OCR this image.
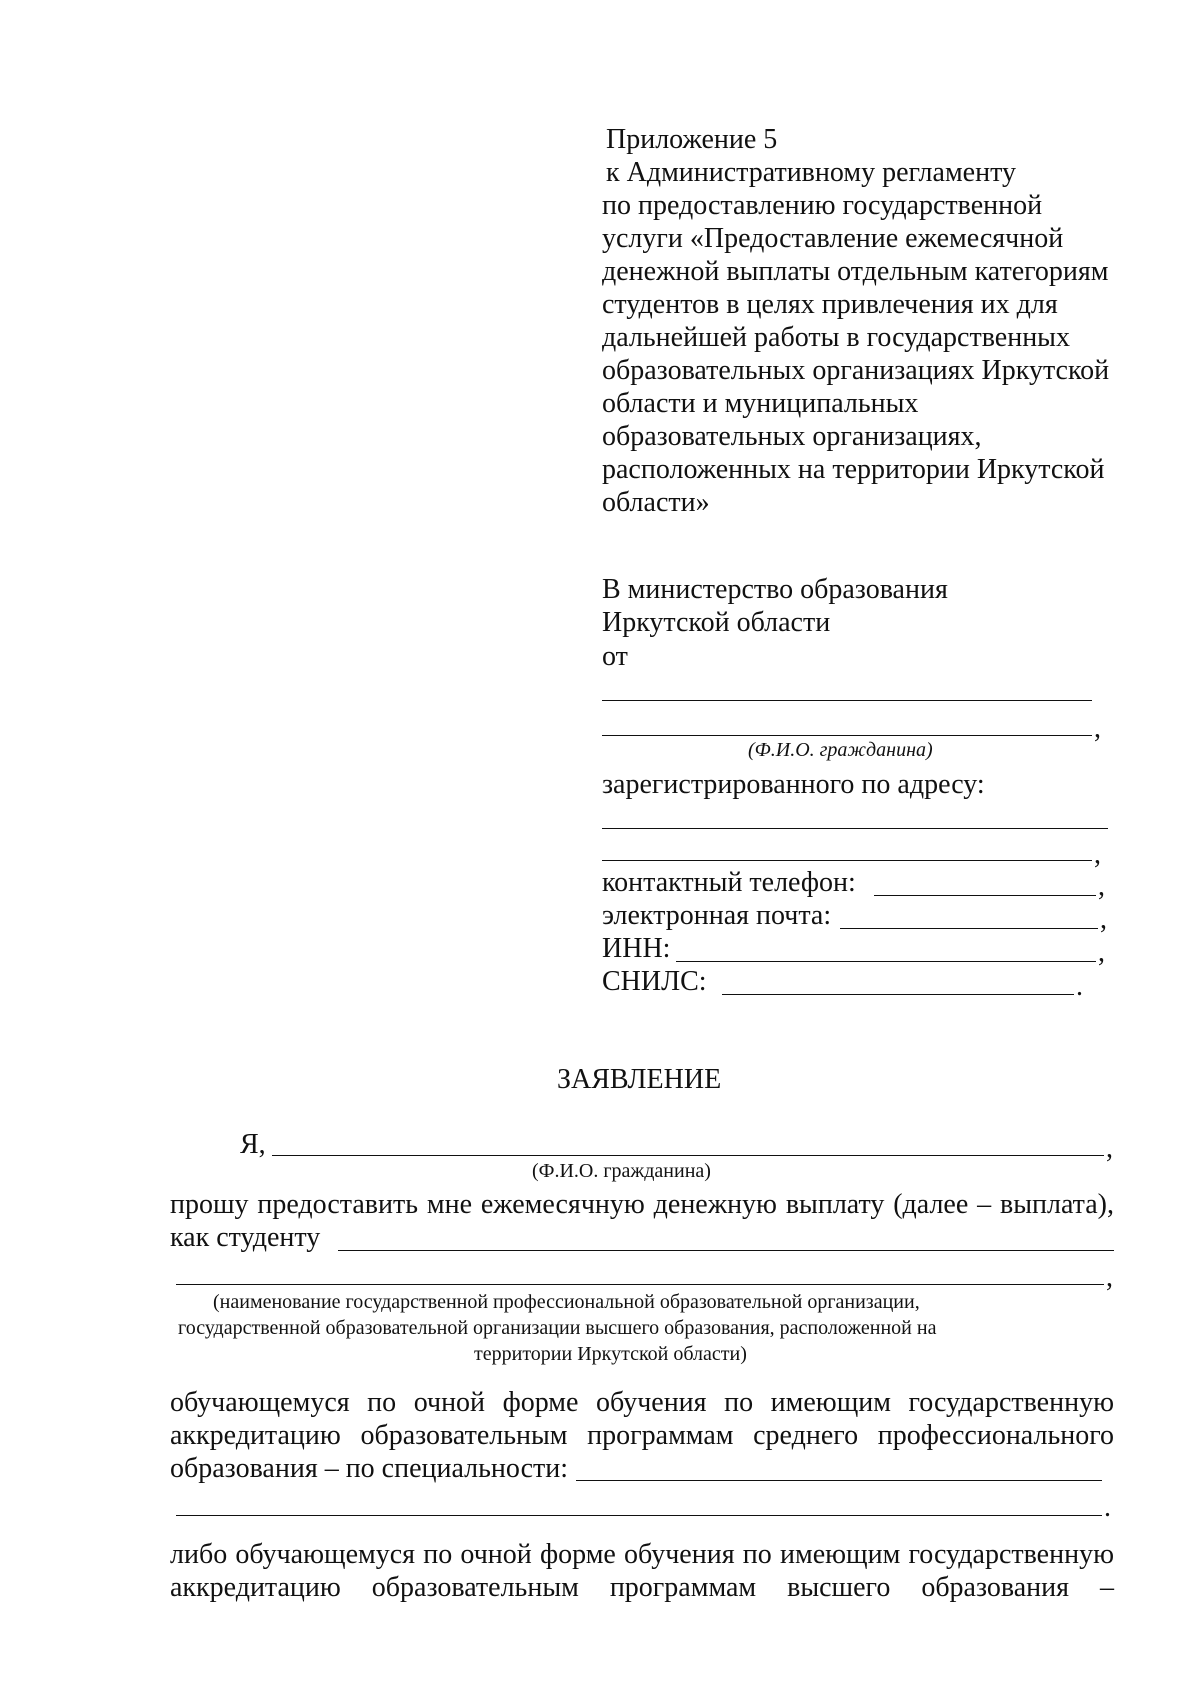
Приложение 5
к Административному регламенту
по предоставлению государственной
услуги «Предоставление ежемесячной
денежной выплаты отдельным категориям
студентов в целях привлечения их для
дальнейшей работы в государственных
образовательных организациях Иркутской
области и муниципальных
образовательных организациях,
расположенных на территории Иркутской
области»
В министерство образования
Иркутской области
от
,
(Ф.И.О. гражданина)
зарегистрированного по адресу:
,
контактный телефон:	,
электронная почта:	,
ИНН:	,
СНИЛС:	.
ЗАЯВЛЕНИЕ
Я,	,
(Ф.И.О. гражданина)
прошу предоставить мне ежемесячную денежную выплату (далее – выплата),
как студенту
,
(наименование государственной профессиональной образовательной организации,
государственной образовательной организации высшего образования, расположенной на
территории Иркутской области)
обучающемуся по очной форме обучения по имеющим государственную
аккредитацию образовательным программам среднего профессионального
образования – по специальности:
.
либо обучающемуся по очной форме обучения по имеющим государственную
аккредитацию образовательным программам высшего образования –
